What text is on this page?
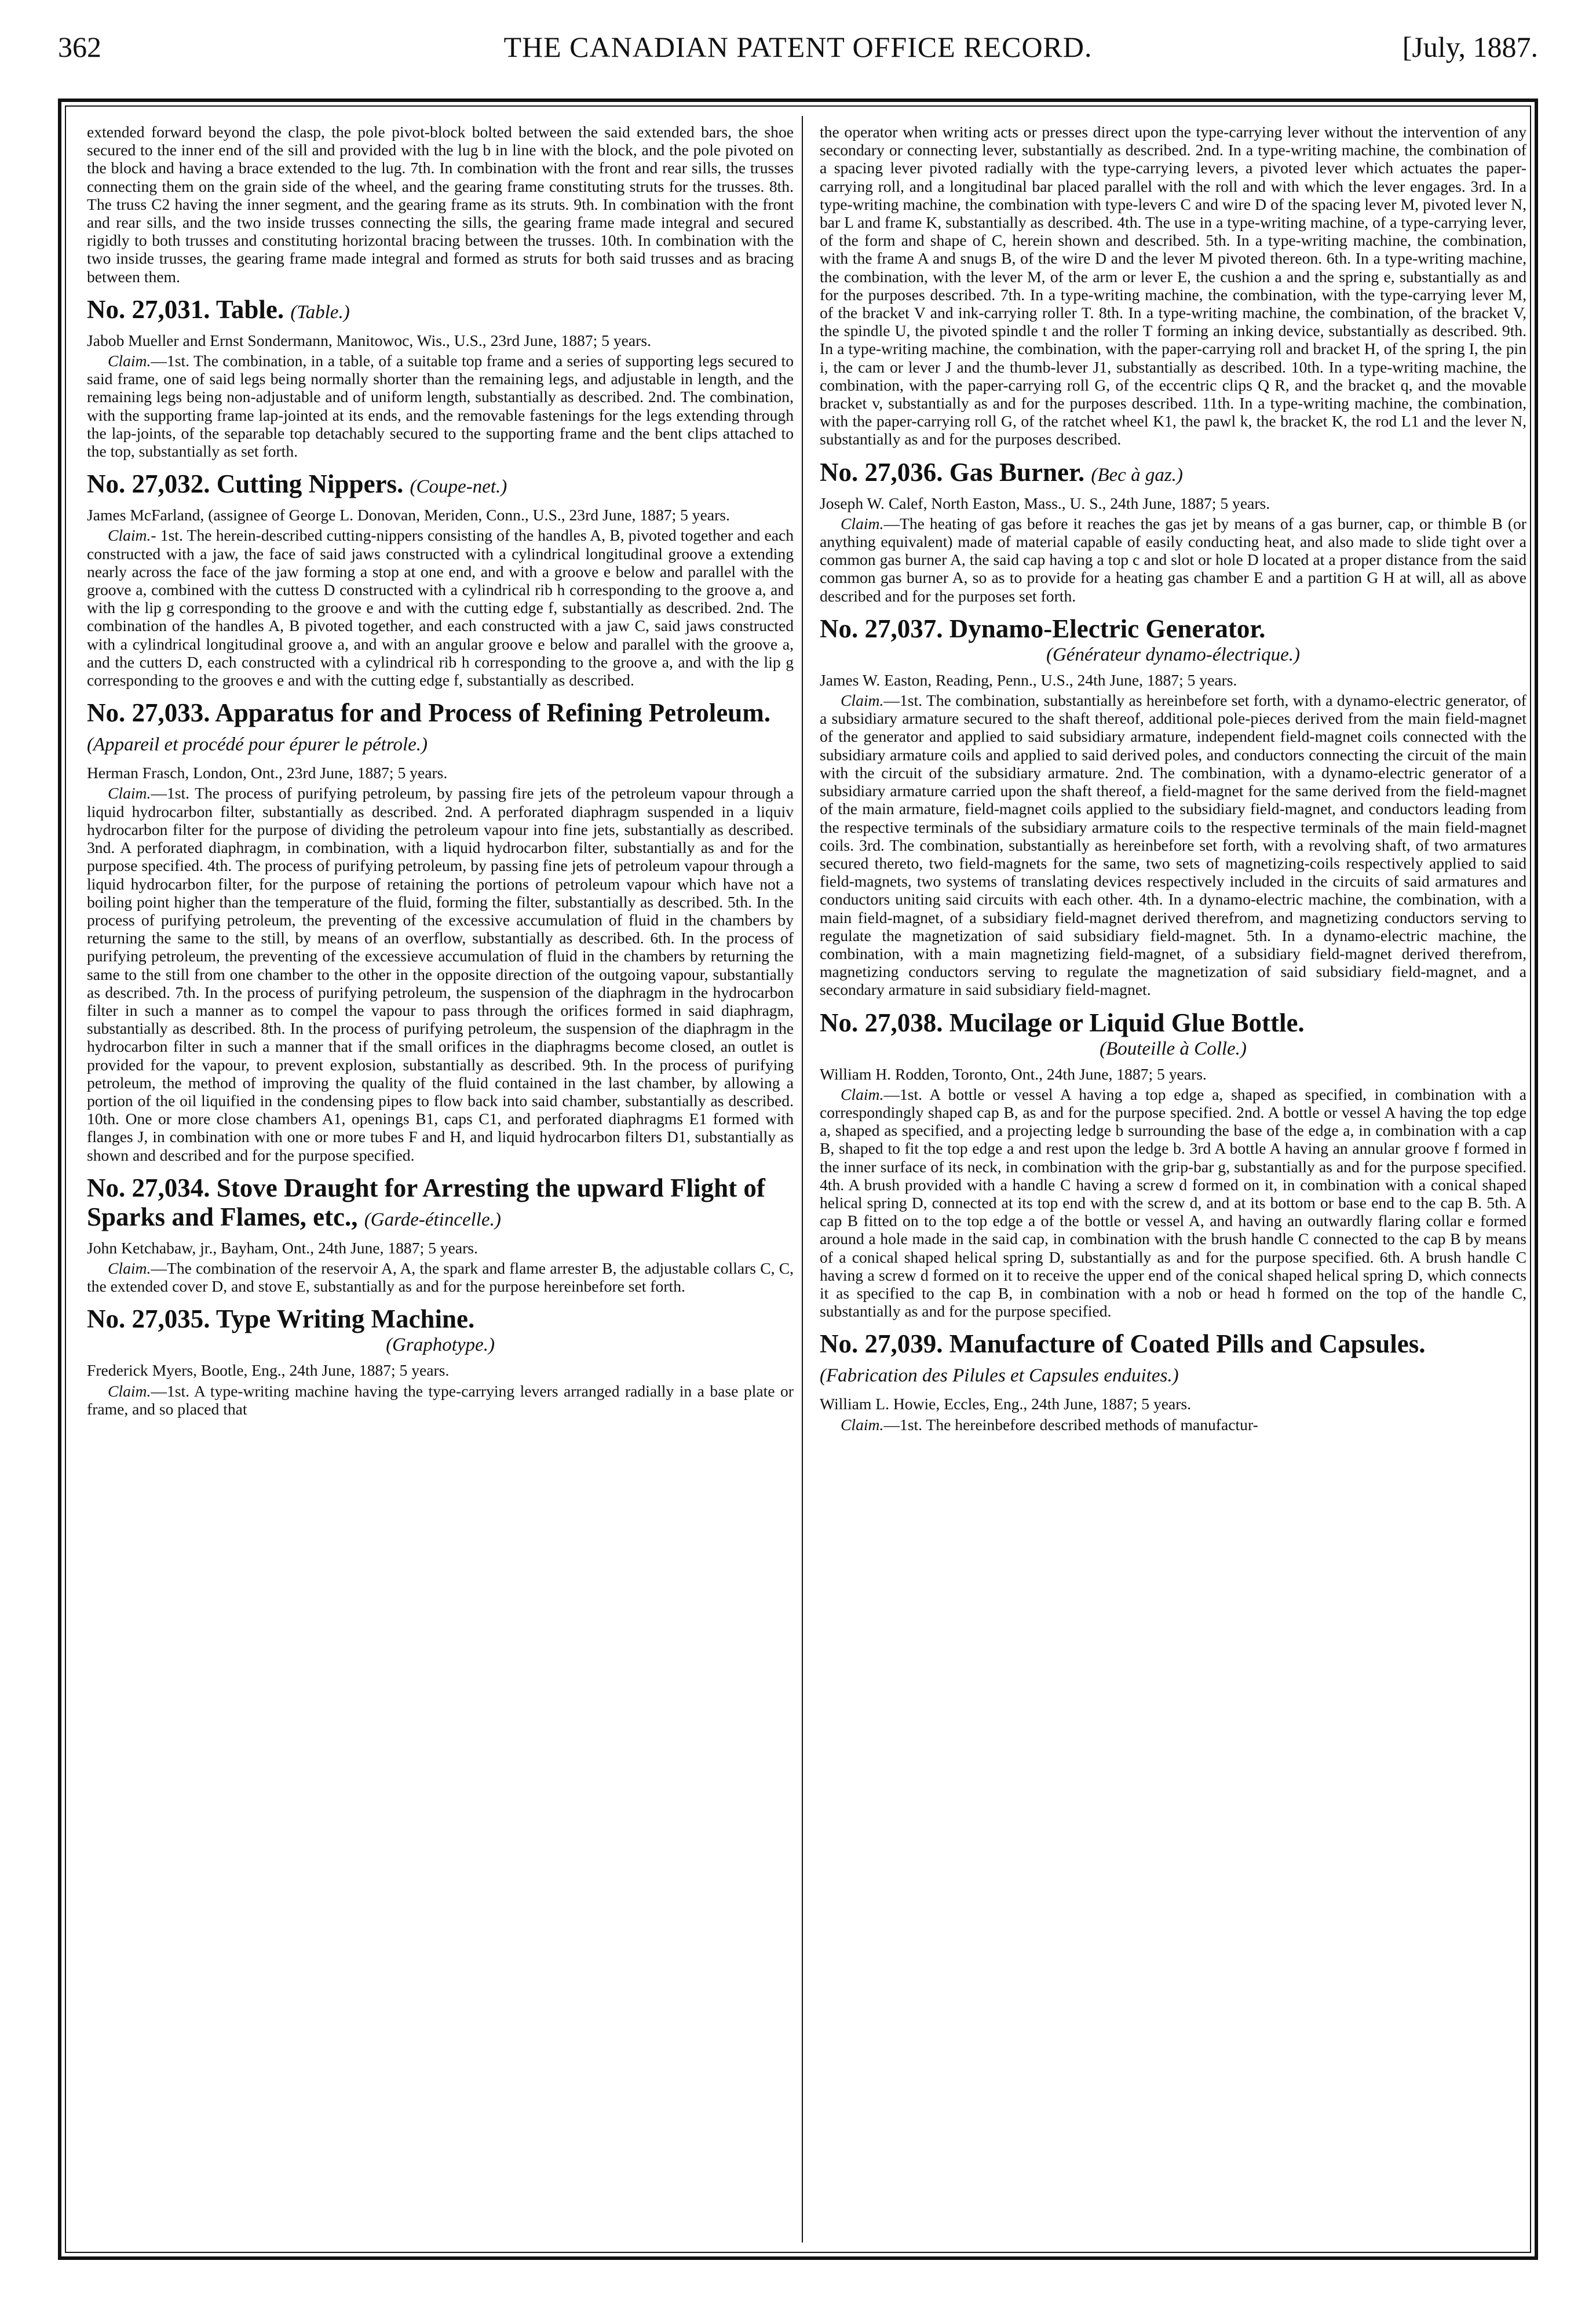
362	THE CANADIAN PATENT OFFICE RECORD.	[July, 1887.

extended forward beyond the clasp, the pole pivot-block bolted between the said extended bars, the shoe secured to the inner end of the sill and provided with the lug b in line with the block, and the pole pivoted on the block and having a brace extended to the lug. 7th. In combination with the front and rear sills, the trusses connecting them on the grain side of the wheel, and the gearing frame constituting struts for the trusses. 8th. The truss C2 having the inner segment, and the gearing frame as its struts. 9th. In combination with the front and rear sills, and the two inside trusses connecting the sills, the gearing frame made integral and secured rigidly to both trusses and constituting horizontal bracing between the trusses. 10th. In combination with the two inside trusses, the gearing frame made integral and formed as struts for both said trusses and as bracing between them.

No. 27,031. Table. (Table.)

Jabob Mueller and Ernst Sondermann, Manitowoc, Wis., U.S., 23rd June, 1887; 5 years.

Claim.—1st. The combination, in a table, of a suitable top frame and a series of supporting legs secured to said frame, one of said legs being normally shorter than the remaining legs, and adjustable in length, and the remaining legs being non-adjustable and of uniform length, substantially as described. 2nd. The combination, with the supporting frame lap-jointed at its ends, and the removable fastenings for the legs extending through the lap-joints, of the separable top detachably secured to the supporting frame and the bent clips attached to the top, substantially as set forth.

No. 27,032. Cutting Nippers. (Coupe-net.)

James McFarland, (assignee of George L. Donovan, Meriden, Conn., U.S., 23rd June, 1887; 5 years.

Claim.- 1st. The herein-described cutting-nippers consisting of the handles A, B, pivoted together and each constructed with a jaw, the face of said jaws constructed with a cylindrical longitudinal groove a extending nearly across the face of the jaw forming a stop at one end, and with a groove e below and parallel with the groove a, combined with the cuttess D constructed with a cylindrical rib h corresponding to the groove a, and with the lip g corresponding to the groove e and with the cutting edge f, substantially as described. 2nd. The combination of the handles A, B pivoted together, and each constructed with a jaw C, said jaws constructed with a cylindrical longitudinal groove a, and with an angular groove e below and parallel with the groove a, and the cutters D, each constructed with a cylindrical rib h corresponding to the groove a, and with the lip g corresponding to the grooves e and with the cutting edge f, substantially as described.

No. 27,033. Apparatus for and Process of Refining Petroleum. (Appareil et procédé pour épurer le pétrole.)

Herman Frasch, London, Ont., 23rd June, 1887; 5 years.

Claim.—1st. The process of purifying petroleum, by passing fire jets of the petroleum vapour through a liquid hydrocarbon filter, substantially as described. 2nd. A perforated diaphragm suspended in a liquiv hydrocarbon filter for the purpose of dividing the petroleum vapour into fine jets, substantially as described. 3nd. A perforated diaphragm, in combination, with a liquid hydrocarbon filter, substantially as and for the purpose specified. 4th. The process of purifying petroleum, by passing fine jets of petroleum vapour through a liquid hydrocarbon filter, for the purpose of retaining the portions of petroleum vapour which have not a boiling point higher than the temperature of the fluid, forming the filter, substantially as described. 5th. In the process of purifying petroleum, the preventing of the excessive accumulation of fluid in the chambers by returning the same to the still, by means of an overflow, substantially as described. 6th. In the process of purifying petroleum, the preventing of the excessieve accumulation of fluid in the chambers by returning the same to the still from one chamber to the other in the opposite direction of the outgoing vapour, substantially as described. 7th. In the process of purifying petroleum, the suspension of the diaphragm in the hydrocarbon filter in such a manner as to compel the vapour to pass through the orifices formed in said diaphragm, substantially as described. 8th. In the process of purifying petroleum, the suspension of the diaphragm in the hydrocarbon filter in such a manner that if the small orifices in the diaphragms become closed, an outlet is provided for the vapour, to prevent explosion, substantially as described. 9th. In the process of purifying petroleum, the method of improving the quality of the fluid contained in the last chamber, by allowing a portion of the oil liquified in the condensing pipes to flow back into said chamber, substantially as described. 10th. One or more close chambers A1, openings B1, caps C1, and perforated diaphragms E1 formed with flanges J, in combination with one or more tubes F and H, and liquid hydrocarbon filters D1, substantially as shown and described and for the purpose specified.

No. 27,034. Stove Draught for Arresting the upward Flight of Sparks and Flames, etc., (Garde-étincelle.)

John Ketchabaw, jr., Bayham, Ont., 24th June, 1887; 5 years.

Claim.—The combination of the reservoir A, A, the spark and flame arrester B, the adjustable collars C, C, the extended cover D, and stove E, substantially as and for the purpose hereinbefore set forth.

No. 27,035. Type Writing Machine.

(Graphotype.)

Frederick Myers, Bootle, Eng., 24th June, 1887; 5 years.

Claim.—1st. A type-writing machine having the type-carrying levers arranged radially in a base plate or frame, and so placed that

the operator when writing acts or presses direct upon the type-carrying lever without the intervention of any secondary or connecting lever, substantially as described. 2nd. In a type-writing machine, the combination of a spacing lever pivoted radially with the type-carrying levers, a pivoted lever which actuates the paper-carrying roll, and a longitudinal bar placed parallel with the roll and with which the lever engages. 3rd. In a type-writing machine, the combination with type-levers C and wire D of the spacing lever M, pivoted lever N, bar L and frame K, substantially as described. 4th. The use in a type-writing machine, of a type-carrying lever, of the form and shape of C, herein shown and described. 5th. In a type-writing machine, the combination, with the frame A and snugs B, of the wire D and the lever M pivoted thereon. 6th. In a type-writing machine, the combination, with the lever M, of the arm or lever E, the cushion a and the spring e, substantially as and for the purposes described. 7th. In a type-writing machine, the combination, with the type-carrying lever M, of the bracket V and ink-carrying roller T. 8th. In a type-writing machine, the combination, of the bracket V, the spindle U, the pivoted spindle t and the roller T forming an inking device, substantially as described. 9th. In a type-writing machine, the combination, with the paper-carrying roll and bracket H, of the spring I, the pin i, the cam or lever J and the thumb-lever J1, substantially as described. 10th. In a type-writing machine, the combination, with the paper-carrying roll G, of the eccentric clips Q R, and the bracket q, and the movable bracket v, substantially as and for the purposes described. 11th. In a type-writing machine, the combination, with the paper-carrying roll G, of the ratchet wheel K1, the pawl k, the bracket K, the rod L1 and the lever N, substantially as and for the purposes described.

No. 27,036. Gas Burner. (Bec à gaz.)

Joseph W. Calef, North Easton, Mass., U. S., 24th June, 1887; 5 years.

Claim.—The heating of gas before it reaches the gas jet by means of a gas burner, cap, or thimble B (or anything equivalent) made of material capable of easily conducting heat, and also made to slide tight over a common gas burner A, the said cap having a top c and slot or hole D located at a proper distance from the said common gas burner A, so as to provide for a heating gas chamber E and a partition G H at will, all as above described and for the purposes set forth.

No. 27,037. Dynamo-Electric Generator.

(Générateur dynamo-électrique.)

James W. Easton, Reading, Penn., U.S., 24th June, 1887; 5 years.

Claim.—1st. The combination, substantially as hereinbefore set forth, with a dynamo-electric generator, of a subsidiary armature secured to the shaft thereof, additional pole-pieces derived from the main field-magnet of the generator and applied to said subsidiary armature, independent field-magnet coils connected with the subsidiary armature coils and applied to said derived poles, and conductors connecting the circuit of the main with the circuit of the subsidiary armature. 2nd. The combination, with a dynamo-electric generator of a subsidiary armature carried upon the shaft thereof, a field-magnet for the same derived from the field-magnet of the main armature, field-magnet coils applied to the subsidiary field-magnet, and conductors leading from the respective terminals of the subsidiary armature coils to the respective terminals of the main field-magnet coils. 3rd. The combination, substantially as hereinbefore set forth, with a revolving shaft, of two armatures secured thereto, two field-magnets for the same, two sets of magnetizing-coils respectively applied to said field-magnets, two systems of translating devices respectively included in the circuits of said armatures and conductors uniting said circuits with each other. 4th. In a dynamo-electric machine, the combination, with a main field-magnet, of a subsidiary field-magnet derived therefrom, and magnetizing conductors serving to regulate the magnetization of said subsidiary field-magnet. 5th. In a dynamo-electric machine, the combination, with a main magnetizing field-magnet, of a subsidiary field-magnet derived therefrom, magnetizing conductors serving to regulate the magnetization of said subsidiary field-magnet, and a secondary armature in said subsidiary field-magnet.

No. 27,038. Mucilage or Liquid Glue Bottle.

(Bouteille à Colle.)

William H. Rodden, Toronto, Ont., 24th June, 1887; 5 years.

Claim.—1st. A bottle or vessel A having a top edge a, shaped as specified, in combination with a correspondingly shaped cap B, as and for the purpose specified. 2nd. A bottle or vessel A having the top edge a, shaped as specified, and a projecting ledge b surrounding the base of the edge a, in combination with a cap B, shaped to fit the top edge a and rest upon the ledge b. 3rd A bottle A having an annular groove f formed in the inner surface of its neck, in combination with the grip-bar g, substantially as and for the purpose specified. 4th. A brush provided with a handle C having a screw d formed on it, in combination with a conical shaped helical spring D, connected at its top end with the screw d, and at its bottom or base end to the cap B. 5th. A cap B fitted on to the top edge a of the bottle or vessel A, and having an outwardly flaring collar e formed around a hole made in the said cap, in combination with the brush handle C connected to the cap B by means of a conical shaped helical spring D, substantially as and for the purpose specified. 6th. A brush handle C having a screw d formed on it to receive the upper end of the conical shaped helical spring D, which connects it as specified to the cap B, in combination with a nob or head h formed on the top of the handle C, substantially as and for the purpose specified.

No. 27,039. Manufacture of Coated Pills and Capsules. (Fabrication des Pilules et Capsules enduites.)

William L. Howie, Eccles, Eng., 24th June, 1887; 5 years.

Claim.—1st. The hereinbefore described methods of manufactur-
